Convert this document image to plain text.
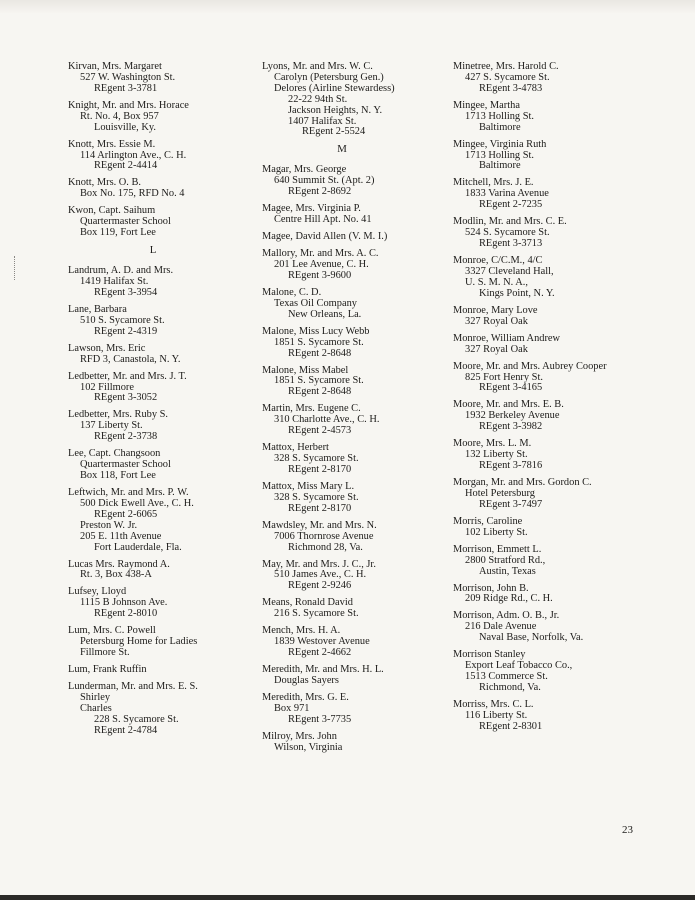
Kirvan, Mrs. Margaret
527 W. Washington St.
REgent 3-3781
Knight, Mr. and Mrs. Horace
Rt. No. 4, Box 957
Louisville, Ky.
Knott, Mrs. Essie M.
114 Arlington Ave., C. H.
REgent 2-4414
Knott, Mrs. O. B.
Box No. 175, RFD No. 4
Kwon, Capt. Saihum
Quartermaster School
Box 119, Fort Lee
L
Landrum, A. D. and Mrs.
1419 Halifax St.
REgent 3-3954
Lane, Barbara
510 S. Sycamore St.
REgent 2-4319
Lawson, Mrs. Eric
RFD 3, Canastola, N. Y.
Ledbetter, Mr. and Mrs. J. T.
102 Fillmore
REgent 3-3052
Ledbetter, Mrs. Ruby S.
137 Liberty St.
REgent 2-3738
Lee, Capt. Changsoon
Quartermaster School
Box 118, Fort Lee
Leftwich, Mr. and Mrs. P. W.
500 Dick Ewell Ave., C. H.
REgent 2-6065
Preston W. Jr.
205 E. 11th Avenue
Fort Lauderdale, Fla.
Lucas Mrs. Raymond A.
Rt. 3, Box 438-A
Lufsey, Lloyd
1115 B Johnson Ave.
REgent 2-8010
Lum, Mrs. C. Powell
Petersburg Home for Ladies
Fillmore St.
Lum, Frank Ruffin
Lunderman, Mr. and Mrs. E. S.
Shirley
Charles
228 S. Sycamore St.
REgent 2-4784
Lyons, Mr. and Mrs. W. C.
Carolyn (Petersburg Gen.)
Delores (Airline Stewardess)
22-22 94th St.
Jackson Heights, N. Y.
1407 Halifax St.
REgent 2-5524
M
Magar, Mrs. George
640 Summit St. (Apt. 2)
REgent 2-8692
Magee, Mrs. Virginia P.
Centre Hill Apt. No. 41
Magee, David Allen (V. M. I.)
Mallory, Mr. and Mrs. A. C.
201 Lee Avenue, C. H.
REgent 3-9600
Malone, C. D.
Texas Oil Company
New Orleans, La.
Malone, Miss Lucy Webb
1851 S. Sycamore St.
REgent 2-8648
Malone, Miss Mabel
1851 S. Sycamore St.
REgent 2-8648
Martin, Mrs. Eugene C.
310 Charlotte Ave., C. H.
REgent 2-4573
Mattox, Herbert
328 S. Sycamore St.
REgent 2-8170
Mattox, Miss Mary L.
328 S. Sycamore St.
REgent 2-8170
Mawdsley, Mr. and Mrs. N.
7006 Thornrose Avenue
Richmond 28, Va.
May, Mr. and Mrs. J. C., Jr.
510 James Ave., C. H.
REgent 2-9246
Means, Ronald David
216 S. Sycamore St.
Mench, Mrs. H. A.
1839 Westover Avenue
REgent 2-4662
Meredith, Mr. and Mrs. H. L.
Douglas Sayers
Meredith, Mrs. G. E.
Box 971
REgent 3-7735
Milroy, Mrs. John
Wilson, Virginia
Minetree, Mrs. Harold C.
427 S. Sycamore St.
REgent 3-4783
Mingee, Martha
1713 Holling St.
Baltimore
Mingee, Virginia Ruth
1713 Holling St.
Baltimore
Mitchell, Mrs. J. E.
1833 Varina Avenue
REgent 2-7235
Modlin, Mr. and Mrs. C. E.
524 S. Sycamore St.
REgent 3-3713
Monroe, C/C.M., 4/C
3327 Cleveland Hall,
U. S. M. N. A.,
Kings Point, N. Y.
Monroe, Mary Love
327 Royal Oak
Monroe, William Andrew
327 Royal Oak
Moore, Mr. and Mrs. Aubrey Cooper
825 Fort Henry St.
REgent 3-4165
Moore, Mr. and Mrs. E. B.
1932 Berkeley Avenue
REgent 3-3982
Moore, Mrs. L. M.
132 Liberty St.
REgent 3-7816
Morgan, Mr. and Mrs. Gordon C.
Hotel Petersburg
REgent 3-7497
Morris, Caroline
102 Liberty St.
Morrison, Emmett L.
2800 Stratford Rd.,
Austin, Texas
Morrison, John B.
209 Ridge Rd., C. H.
Morrison, Adm. O. B., Jr.
216 Dale Avenue
Naval Base, Norfolk, Va.
Morrison Stanley
Export Leaf Tobacco Co.,
1513 Commerce St.
Richmond, Va.
Morriss, Mrs. C. L.
116 Liberty St.
REgent 2-8301
23
